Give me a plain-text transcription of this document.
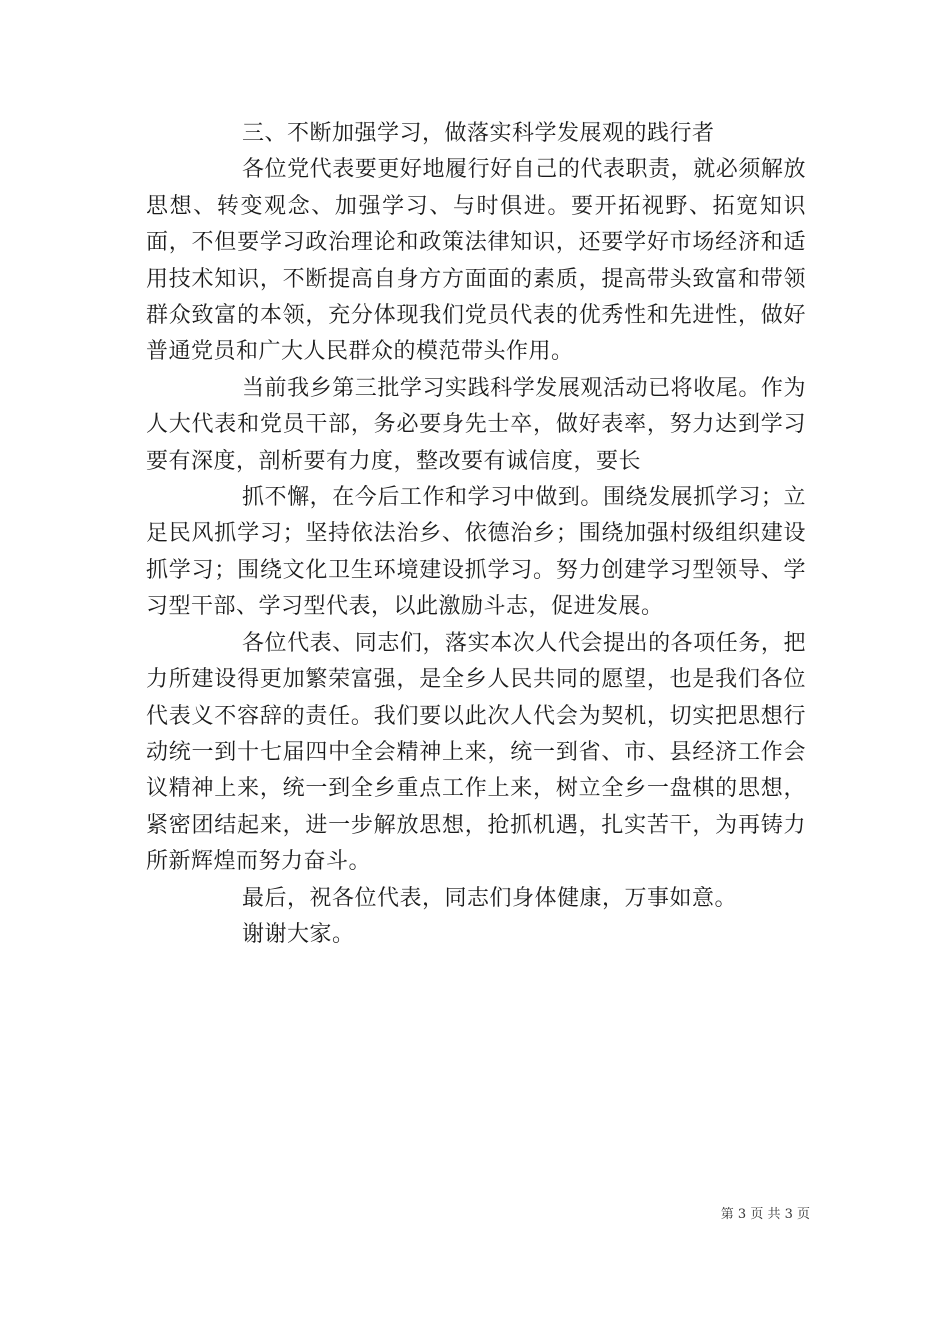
三、不断加强学习，做落实科学发展观的践行者

各位党代表要更好地履行好自己的代表职责，就必须解放思想、转变观念、加强学习、与时俱进。要开拓视野、拓宽知识面，不但要学习政治理论和政策法律知识，还要学好市场经济和适用技术知识，不断提高自身方方面面的素质，提高带头致富和带领群众致富的本领，充分体现我们党员代表的优秀性和先进性，做好普通党员和广大人民群众的模范带头作用。

当前我乡第三批学习实践科学发展观活动已将收尾。作为人大代表和党员干部，务必要身先士卒，做好表率，努力达到学习要有深度，剖析要有力度，整改要有诚信度，要长

抓不懈，在今后工作和学习中做到。围绕发展抓学习；立足民风抓学习；坚持依法治乡、依德治乡；围绕加强村级组织建设抓学习；围绕文化卫生环境建设抓学习。努力创建学习型领导、学习型干部、学习型代表，以此激励斗志，促进发展。

各位代表、同志们，落实本次人代会提出的各项任务，把力所建设得更加繁荣富强，是全乡人民共同的愿望，也是我们各位代表义不容辞的责任。我们要以此次人代会为契机，切实把思想行动统一到十七届四中全会精神上来，统一到省、市、县经济工作会议精神上来，统一到全乡重点工作上来，树立全乡一盘棋的思想，紧密团结起来，进一步解放思想，抢抓机遇，扎实苦干，为再铸力所新辉煌而努力奋斗。

最后，祝各位代表，同志们身体健康，万事如意。

谢谢大家。

第 3 页 共 3 页
